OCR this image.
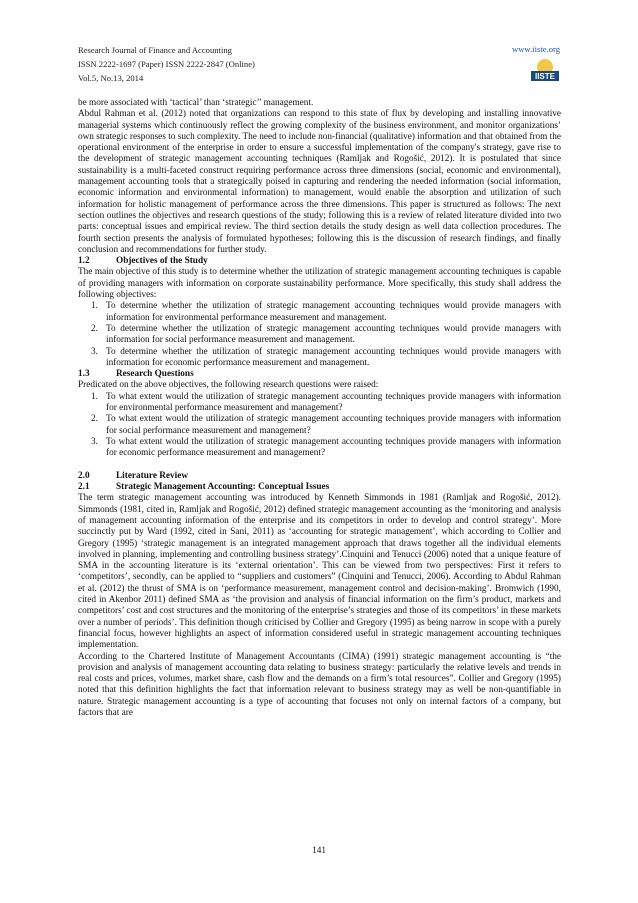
Research Journal of Finance and Accounting
ISSN 2222-1697 (Paper) ISSN 2222-2847 (Online)
Vol.5, No.13, 2014
www.iiste.org
IISTE

be more associated with ‘tactical’ than ‘strategic’’ management.

Abdul Rahman et al. (2012) noted that organizations can respond to this state of flux by developing and installing innovative managerial systems which continuously reflect the growing complexity of the business environment, and monitor organizations’ own strategic responses to such complexity. The need to include non-financial (qualitative) information and that obtained from the operational environment of the enterprise in order to ensure a successful implementation of the company's strategy, gave rise to the development of strategic management accounting techniques (Ramljak and Rogošić, 2012). It is postulated that since sustainability is a multi-faceted construct requiring performance across three dimensions (social, economic and environmental), management accounting tools that a strategically poised in capturing and rendering the needed information (social information, economic information and environmental information) to management, would enable the absorption and utilization of such information for holistic management of performance across the three dimensions. This paper is structured as follows: The next section outlines the objectives and research questions of the study; following this is a review of related literature divided into two parts: conceptual issues and empirical review. The third section details the study design as well data collection procedures. The fourth section presents the analysis of formulated hypotheses; following this is the discussion of research findings, and finally conclusion and recommendations for further study.

1.2	Objectives of the Study

The main objective of this study is to determine whether the utilization of strategic management accounting techniques is capable of providing managers with information on corporate sustainability performance. More specifically, this study shall address the following objectives:

1. To determine whether the utilization of strategic management accounting techniques would provide managers with information for environmental performance measurement and management.

2. To determine whether the utilization of strategic management accounting techniques would provide managers with information for social performance measurement and management.

3. To determine whether the utilization of strategic management accounting techniques would provide managers with information for economic performance measurement and management.

1.3	Research Questions

Predicated on the above objectives, the following research questions were raised:

1. To what extent would the utilization of strategic management accounting techniques provide managers with information for environmental performance measurement and management?

2. To what extent would the utilization of strategic management accounting techniques provide managers with information for social performance measurement and management?

3. To what extent would the utilization of strategic management accounting techniques provide managers with information for economic performance measurement and management?

2.0	Literature Review

2.1	Strategic Management Accounting: Conceptual Issues

The term strategic management accounting was introduced by Kenneth Simmonds in 1981 (Ramljak and Rogošić, 2012). Simmonds (1981, cited in, Ramljak and Rogošić, 2012) defined strategic management accounting as the ‘monitoring and analysis of management accounting information of the enterprise and its competitors in order to develop and control strategy’. More succinctly put by Ward (1992, cited in Sani, 2011) as ‘accounting for strategic management’, which according to Collier and Gregory (1995) ‘strategic management is an integrated management approach that draws together all the individual elements involved in planning, implementing and controlling business strategy’.Cinquini and Tenucci (2006) noted that a unique feature of SMA in the accounting literature is its ‘external orientation’. This can be viewed from two perspectives: First it refers to ‘competitors’, secondly, can be applied to “suppliers and customers” (Cinquini and Tenucci, 2006). According to Abdul Rahman et al. (2012) the thrust of SMA is on ‘performance measurement, management control and decision-making’. Bromwich (1990, cited in Akenbor 2011) defined SMA as ‘the provision and analysis of financial information on the firm’s product, markets and competitors’ cost and cost structures and the monitoring of the enterprise’s strategies and those of its competitors’ in these markets over a number of periods’. This definition though criticised by Collier and Gregory (1995) as being narrow in scope with a purely financial focus, however highlights an aspect of information considered useful in strategic management accounting techniques implementation.

According to the Chartered Institute of Management Accountants (CIMA) (1991) strategic management accounting is “the provision and analysis of management accounting data relating to business strategy: particularly the relative levels and trends in real costs and prices, volumes, market share, cash flow and the demands on a firm’s total resources”. Collier and Gregory (1995) noted that this definition highlights the fact that information relevant to business strategy may as well be non-quantifiable in nature. Strategic management accounting is a type of accounting that focuses not only on internal factors of a company, but factors that are

141
